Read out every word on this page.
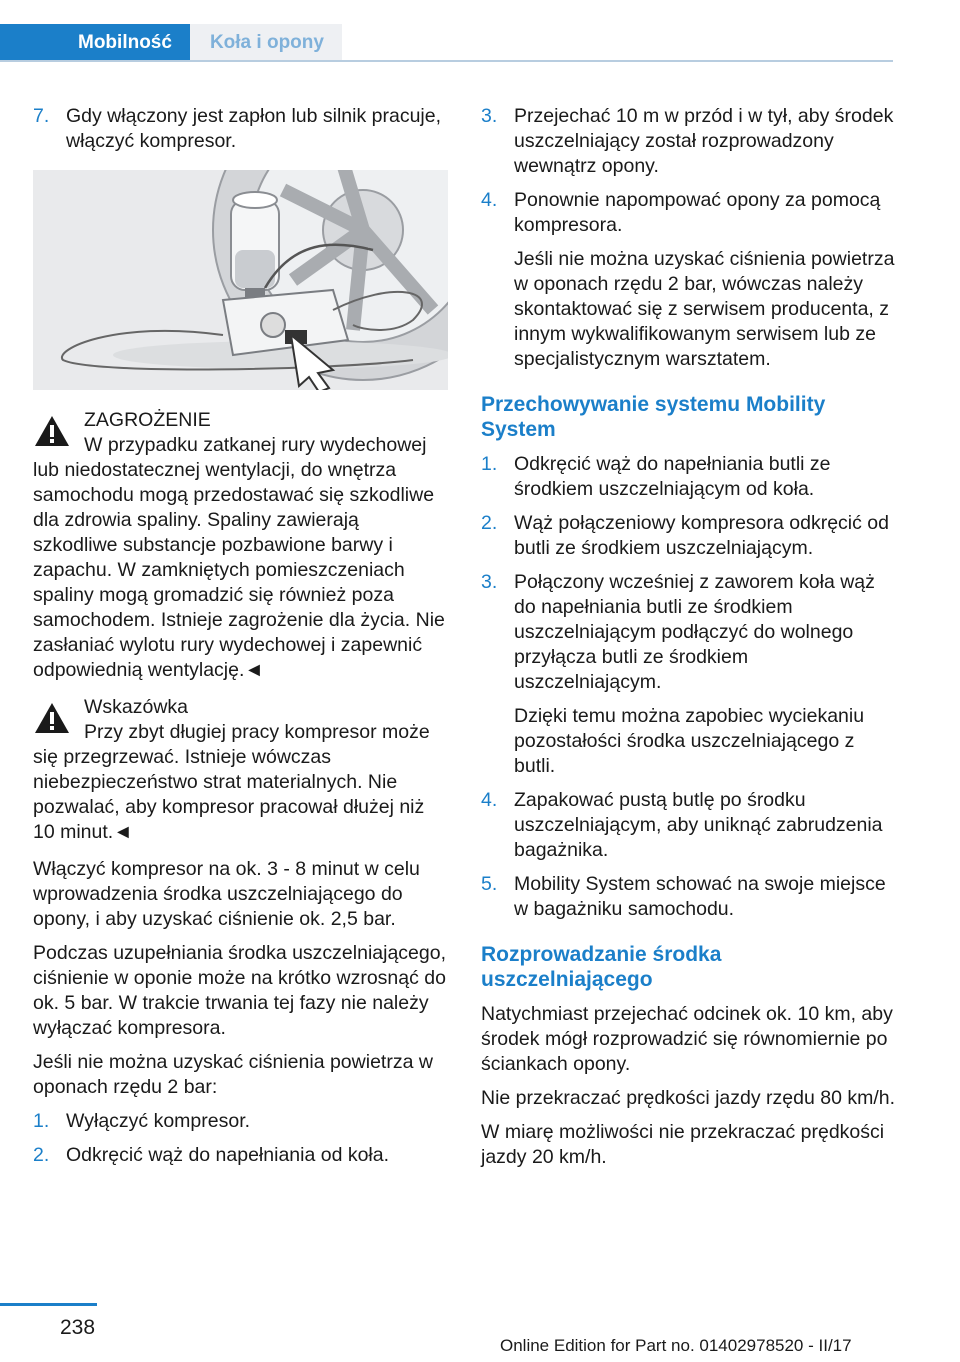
Mobilność	Koła i opony
7. Gdy włączony jest zapłon lub silnik pracuje, włączyć kompresor.
ZAGROŻENIE
W przypadku zatkanej rury wydechowej
lub niedostatecznej wentylacji, do wnętrza samochodu mogą przedostawać się szkodliwe dla zdrowia spaliny. Spaliny zawierają szkodliwe substancje pozbawione barwy i zapachu. W zamkniętych pomieszczeniach spaliny mogą gromadzić się również poza samochodem. Istnieje zagrożenie dla życia. Nie zasłaniać wylotu rury wydechowej i zapewnić odpowiednią wentylację.◄
Wskazówka
Przy zbyt długiej pracy kompresor może
się przegrzewać. Istnieje wówczas niebezpieczeństwo strat materialnych. Nie pozwalać, aby kompresor pracował dłużej niż 10 minut.◄

Włączyć kompresor na ok. 3 - 8 minut w celu wprowadzenia środka uszczelniającego do opony, i aby uzyskać ciśnienie ok. 2,5 bar.

Podczas uzupełniania środka uszczelniającego, ciśnienie w oponie może na krótko wzrosnąć do ok. 5 bar. W trakcie trwania tej fazy nie należy wyłączać kompresora.

Jeśli nie można uzyskać ciśnienia powietrza w oponach rzędu 2 bar:

1. Wyłączyć kompresor.
2. Odkręcić wąż do napełniania od koła.
3. Przejechać 10 m w przód i w tył, aby środek uszczelniający został rozprowadzony wewnątrz opony.
4. Ponownie napompować opony za pomocą kompresora.

Jeśli nie można uzyskać ciśnienia powietrza w oponach rzędu 2 bar, wówczas należy skontaktować się z serwisem producenta, z innym wykwalifikowanym serwisem lub ze specjalistycznym warsztatem.

Przechowywanie systemu Mobility System
1. Odkręcić wąż do napełniania butli ze środkiem uszczelniającym od koła.
2. Wąż połączeniowy kompresora odkręcić od butli ze środkiem uszczelniającym.
3. Połączony wcześniej z zaworem koła wąż do napełniania butli ze środkiem uszczelniającym podłączyć do wolnego przyłącza butli ze środkiem uszczelniającym.

Dzięki temu można zapobiec wyciekaniu pozostałości środka uszczelniającego z butli.

4. Zapakować pustą butlę po środku uszczelniającym, aby uniknąć zabrudzenia bagażnika.
5. Mobility System schować na swoje miejsce w bagażniku samochodu.
Rozprowadzanie środka uszczelniającego

Natychmiast przejechać odcinek ok. 10 km, aby środek mógł rozprowadzić się równomiernie po ściankach opony.

Nie przekraczać prędkości jazdy rzędu 80 km/h.

W miarę możliwości nie przekraczać prędkości jazdy 20 km/h.

238
Online Edition for Part no. 01402978520 - II/17
